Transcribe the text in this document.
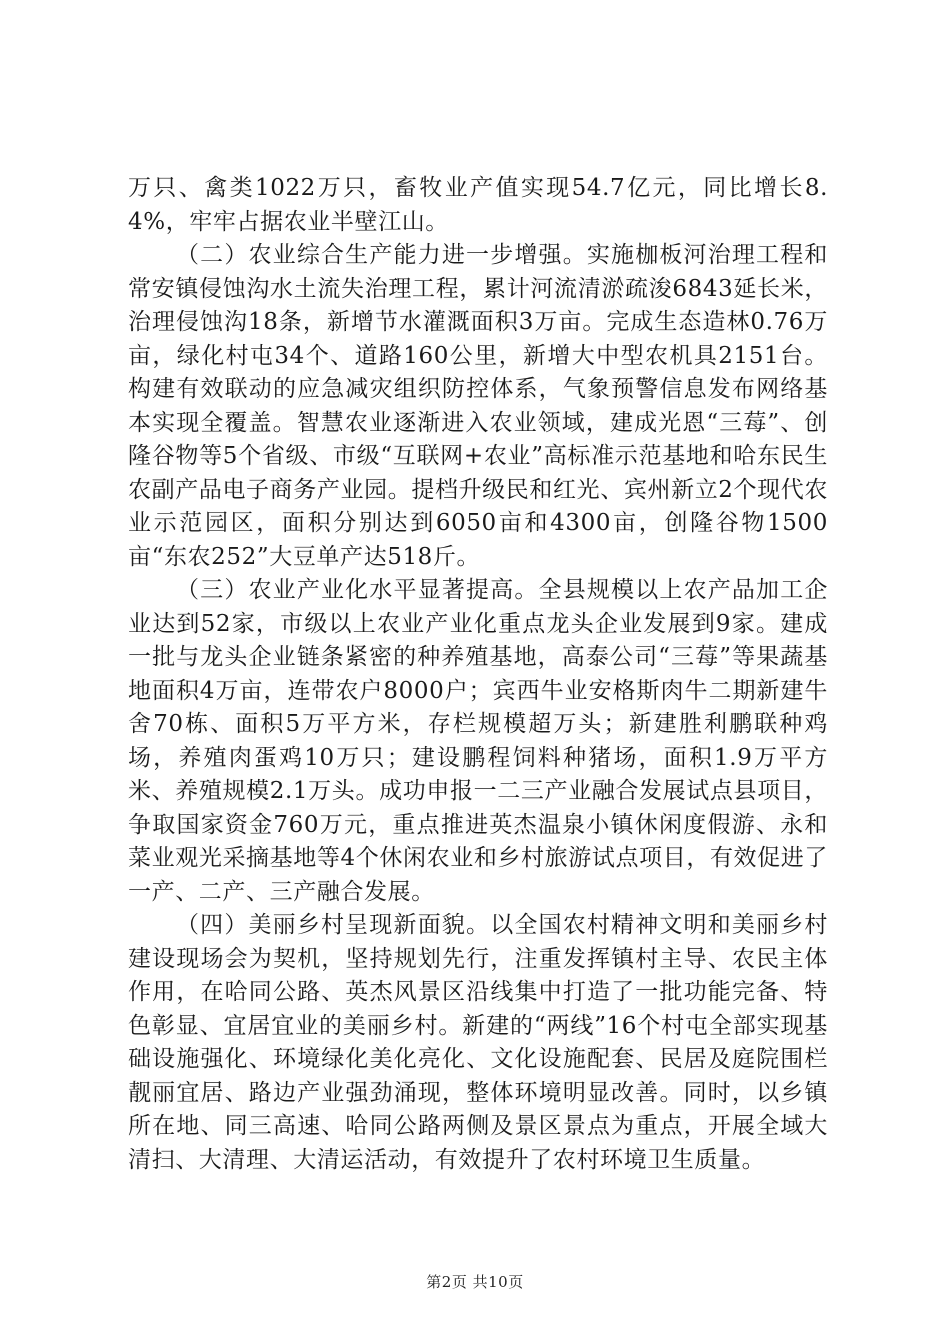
万只、禽类1022万只，畜牧业产值实现54.7亿元，同比增长8.4%，牢牢占据农业半壁江山。

（二）农业综合生产能力进一步增强。实施枷板河治理工程和常安镇侵蚀沟水土流失治理工程，累计河流清淤疏浚6843延长米，治理侵蚀沟18条，新增节水灌溉面积3万亩。完成生态造林0.76万亩，绿化村屯34个、道路160公里，新增大中型农机具2151台。构建有效联动的应急减灾组织防控体系，气象预警信息发布网络基本实现全覆盖。智慧农业逐渐进入农业领域，建成光恩“三莓”、创隆谷物等5个省级、市级“互联网+农业”高标准示范基地和哈东民生农副产品电子商务产业园。提档升级民和红光、宾州新立2个现代农业示范园区，面积分别达到6050亩和4300亩，创隆谷物1500亩“东农252”大豆单产达518斤。

（三）农业产业化水平显著提高。全县规模以上农产品加工企业达到52家，市级以上农业产业化重点龙头企业发展到9家。建成一批与龙头企业链条紧密的种养殖基地，高泰公司“三莓”等果蔬基地面积4万亩，连带农户8000户；宾西牛业安格斯肉牛二期新建牛舍70栋、面积5万平方米，存栏规模超万头；新建胜利鹏联种鸡场，养殖肉蛋鸡10万只；建设鹏程饲料种猪场，面积1.9万平方米、养殖规模2.1万头。成功申报一二三产业融合发展试点县项目，争取国家资金760万元，重点推进英杰温泉小镇休闲度假游、永和菜业观光采摘基地等4个休闲农业和乡村旅游试点项目，有效促进了一产、二产、三产融合发展。

（四）美丽乡村呈现新面貌。以全国农村精神文明和美丽乡村建设现场会为契机，坚持规划先行，注重发挥镇村主导、农民主体作用，在哈同公路、英杰风景区沿线集中打造了一批功能完备、特色彰显、宜居宜业的美丽乡村。新建的“两线”16个村屯全部实现基础设施强化、环境绿化美化亮化、文化设施配套、民居及庭院围栏靓丽宜居、路边产业强劲涌现，整体环境明显改善。同时，以乡镇所在地、同三高速、哈同公路两侧及景区景点为重点，开展全域大清扫、大清理、大清运活动，有效提升了农村环境卫生质量。

第2页 共10页
